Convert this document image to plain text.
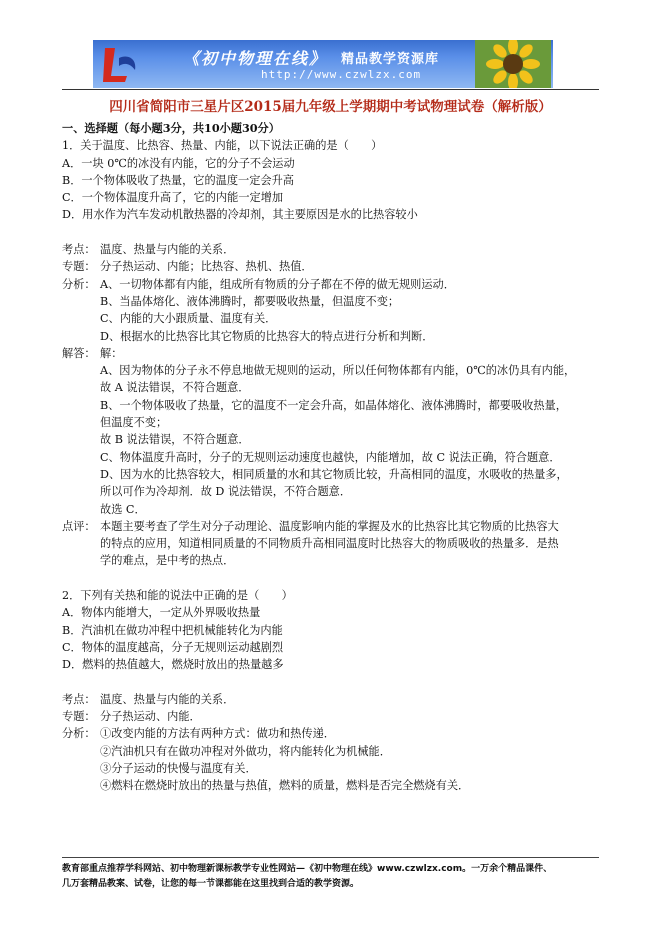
《初中物理在线》 精品教学资源库
http://www.czwlzx.com
四川省简阳市三星片区2015届九年级上学期期中考试物理试卷（解析版）
一、选择题（每小题3分，共10小题30分）
1．关于温度、比热容、热量、内能，以下说法正确的是（　　）
A．一块 0℃的冰没有内能，它的分子不会运动
B．一个物体吸收了热量，它的温度一定会升高
C．一个物体温度升高了，它的内能一定增加
D．用水作为汽车发动机散热器的冷却剂，其主要原因是水的比热容较小
考点： 温度、热量与内能的关系．
专题： 分子热运动、内能；比热容、热机、热值．
分析： A、一切物体都有内能，组成所有物质的分子都在不停的做无规则运动．
B、当晶体熔化、液体沸腾时，都要吸收热量，但温度不变；
C、内能的大小跟质量、温度有关．
D、根据水的比热容比其它物质的比热容大的特点进行分析和判断．
解答： 解：
A、因为物体的分子永不停息地做无规则的运动，所以任何物体都有内能，0℃的冰仍具有内能，
故 A 说法错误，不符合题意．
B、一个物体吸收了热量，它的温度不一定会升高，如晶体熔化、液体沸腾时，都要吸收热量，
但温度不变；
故 B 说法错误，不符合题意．
C、物体温度升高时，分子的无规则运动速度也越快，内能增加，故 C 说法正确，符合题意．
D、因为水的比热容较大，相同质量的水和其它物质比较，升高相同的温度，水吸收的热量多，
所以可作为冷却剂．故 D 说法错误，不符合题意．
故选 C．
点评： 本题主要考查了学生对分子动理论、温度影响内能的掌握及水的比热容比其它物质的比热容大
的特点的应用，知道相同质量的不同物质升高相同温度时比热容大的物质吸收的热量多．是热
学的难点，是中考的热点．
2．下列有关热和能的说法中正确的是（　　）
A．物体内能增大，一定从外界吸收热量
B．汽油机在做功冲程中把机械能转化为内能
C．物体的温度越高，分子无规则运动越剧烈
D．燃料的热值越大，燃烧时放出的热量越多
考点： 温度、热量与内能的关系．
专题： 分子热运动、内能．
分析： ①改变内能的方法有两种方式：做功和热传递．
②汽油机只有在做功冲程对外做功，将内能转化为机械能．
③分子运动的快慢与温度有关．
④燃料在燃烧时放出的热量与热值，燃料的质量，燃料是否完全燃烧有关．
教育部重点推荐学科网站、初中物理新课标教学专业性网站—《初中物理在线》www.czwlzx.com。一万余个精品课件、
几万套精品教案、试卷，让您的每一节课都能在这里找到合适的教学资源。
